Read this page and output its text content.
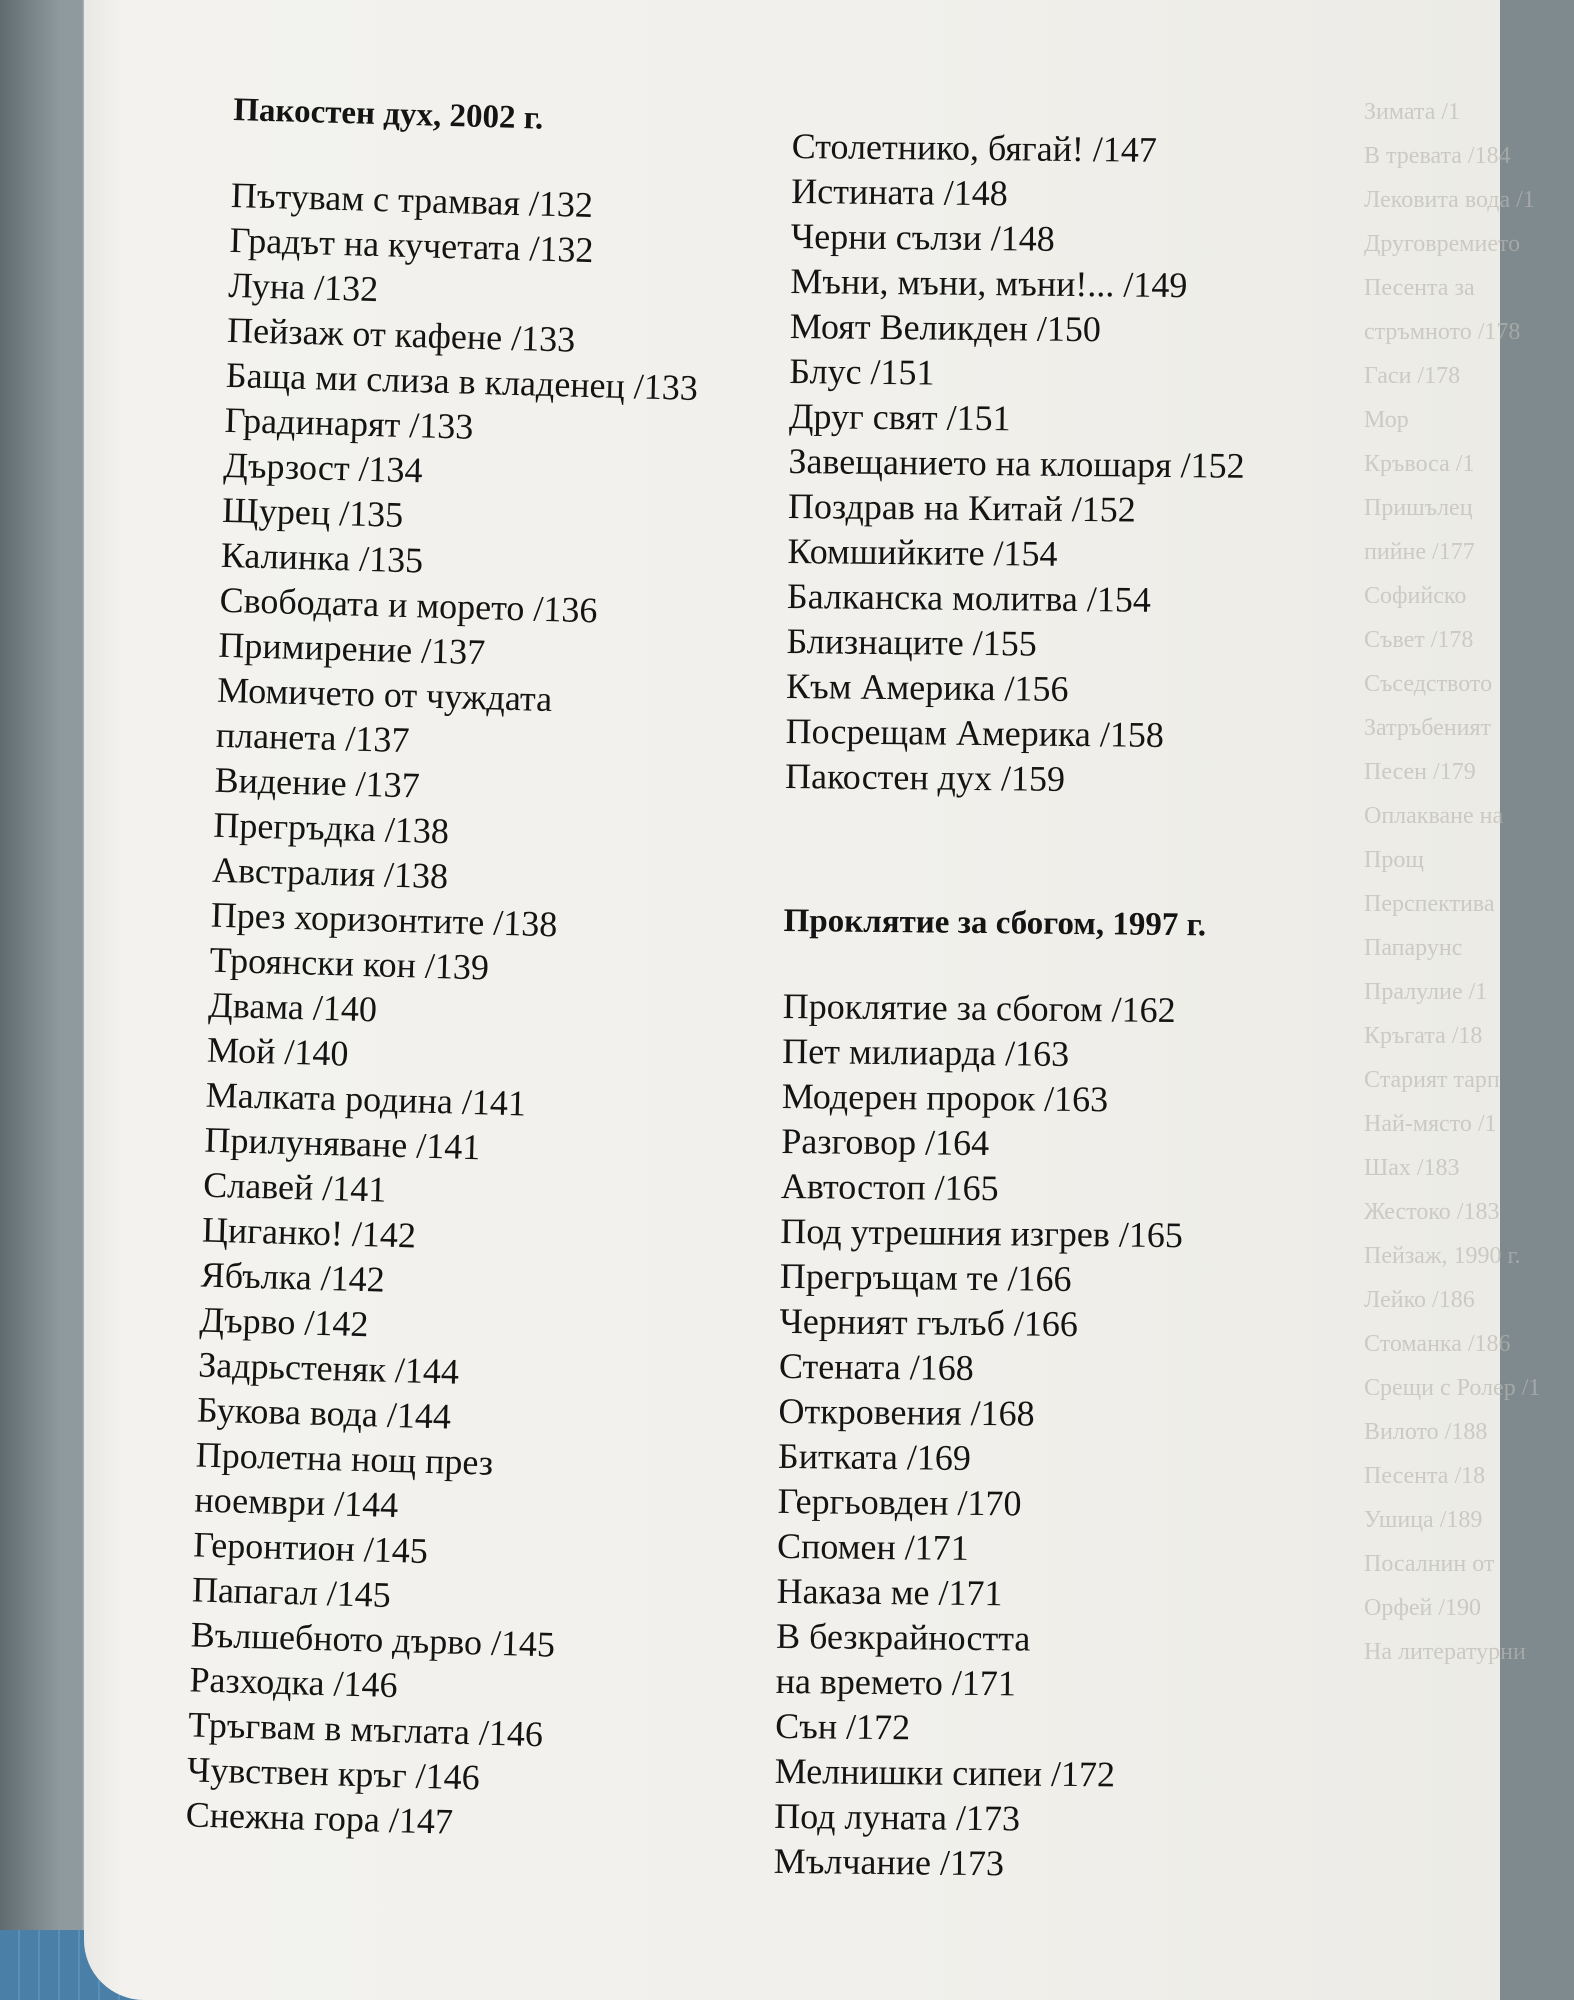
Зимата /1
В тревата /184
Лековита вода /1
Друговремието
Песента за
стръмното /178
Гаси /178
Мор
Кръвоса /1
Пришълец
пийне /177
Софийско
Съвет /178
Съседството
Затръбеният
Песен /179
Оплакване на
Прощ
Перспектива
Папарунс
Пралулие /1
Кръгата /18
Старият тарп
Най-място /1
Шах /183
Жестоко /183
Пейзаж, 1990 г.
Лейко /186
Стоманка /186
Срещи с Ролер /1
Вилото /188
Песента /18
Ушица /189
Посалнин от
Орфей /190
На литературни
Пакостен дух, 2002 г.
Пътувам с трамвая /132
Градът на кучетата /132
Луна /132
Пейзаж от кафене /133
Баща ми слиза в кладенец /133
Градинарят /133
Дързост /134
Щурец /135
Калинка /135
Свободата и морето /136
Примирение /137
Момичето от чуждата
планета /137
Видение /137
Прегръдка /138
Австралия /138
През хоризонтите /138
Троянски кон /139
Двама /140
Мой /140
Малката родина /141
Прилуняване /141
Славей /141
Циганко! /142
Ябълка /142
Дърво /142
Задрьстеняк /144
Букова вода /144
Пролетна нощ през
ноември /144
Геронтион /145
Папагал /145
Вълшебното дърво /145
Разходка /146
Тръгвам в мъглата /146
Чувствен кръг /146
Снежна гора /147
Столетнико, бягай! /147
Истината /148
Черни сълзи /148
Мъни, мъни, мъни!... /149
Моят Великден /150
Блус /151
Друг свят /151
Завещанието на клошаря /152
Поздрав на Китай /152
Комшийките /154
Балканска молитва /154
Близнаците /155
Към Америка /156
Посрещам Америка /158
Пакостен дух /159
Проклятие за сбогом, 1997 г.
Проклятие за сбогом /162
Пет милиарда /163
Модерен пророк /163
Разговор /164
Автостоп /165
Под утрешния изгрев /165
Прегръщам те /166
Черният гълъб /166
Стената /168
Откровения /168
Битката /169
Гергьовден /170
Спомен /171
Наказа ме /171
В безкрайността
на времето /171
Сън /172
Мелнишки сипеи /172
Под луната /173
Мълчание /173
